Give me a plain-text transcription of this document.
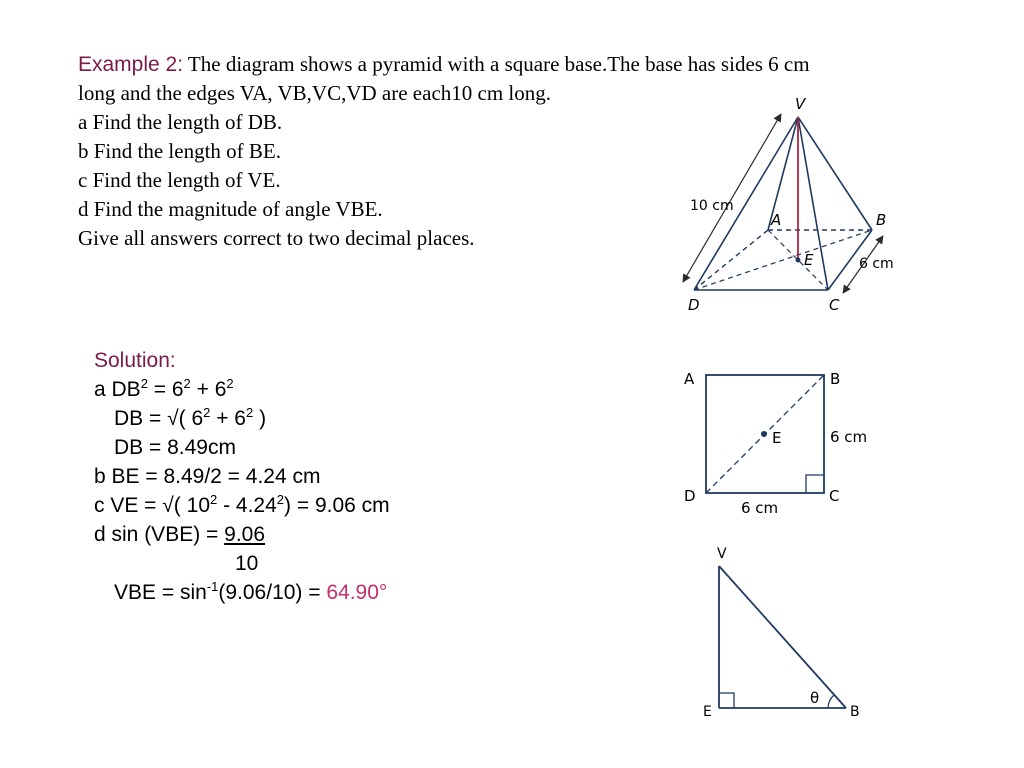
Example 2: The diagram shows a pyramid with a square base.The base has sides 6 cm
long and the edges VA, VB,VC,VD are each10 cm long.
a Find the length of DB.
b Find the length of BE.
c Find the length of VE.
d Find the magnitude of angle VBE.
Give all answers correct to two decimal places.
Solution:
a $DB^2 = 6^2 + 6^2$
DB = √( $6^2 + 6^2$ )
DB = 8.49cm
b BE = 8.49/2 = 4.24 cm
c VE = √( $10^2 - 4.24^2) = 9.06$ cm
d sin (VBE) = 9.06
10
VBE = $\sin^{-1}(9.06/10) = 64.90^\circ$
V
A	B
C
D
E
10 cm
6 cm
A	B
C
D
E	6 cm
6 cm
V
E	B
θ
